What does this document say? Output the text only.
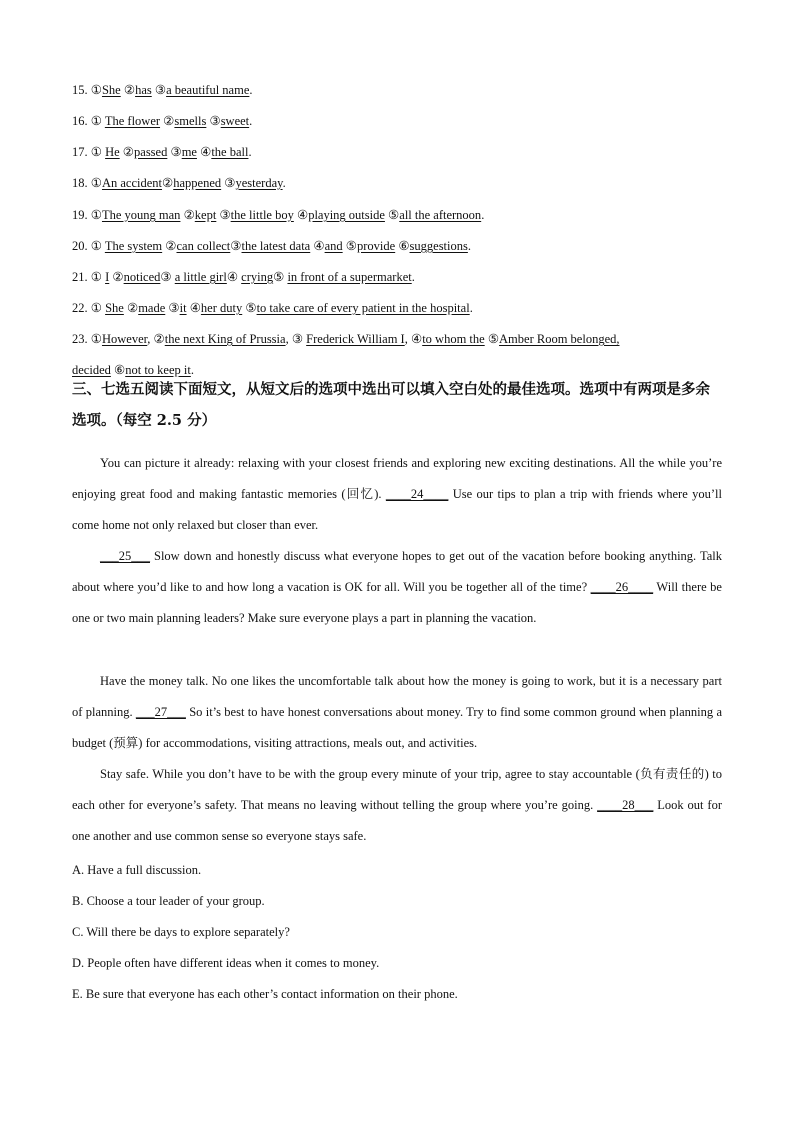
15. ①She ②has ③a beautiful name.
16. ① The flower ②smells ③sweet.
17. ① He ②passed ③me ④the ball.
18. ①An accident②happened ③yesterday.
19. ①The young man ②kept ③the little boy ④playing outside ⑤all the afternoon.
20. ① The system ②can collect③the latest data ④and ⑤provide ⑥suggestions.
21. ① I ②noticed③ a little girl④ crying⑤ in front of a supermarket.
22. ① She ②made ③it ④her duty ⑤to take care of every patient in the hospital.
23. ①However, ②the next King of Prussia, ③ Frederick William I, ④to whom the ⑤Amber Room belonged,
decided ⑥not to keep it.
三、七选五阅读下面短文，从短文后的选项中选出可以填入空白处的最佳选项。选项中有两项是多余选项。（每空 2.5 分）
You can picture it already: relaxing with your closest friends and exploring new exciting destinations. All the while you’re enjoying great food and making fantastic memories (回忆). ____24____ Use our tips to plan a trip with friends where you’ll come home not only relaxed but closer than ever.
___25___ Slow down and honestly discuss what everyone hopes to get out of the vacation before booking anything. Talk about where you’d like to and how long a vacation is OK for all. Will you be together all of the time? ____26____ Will there be one or two main planning leaders? Make sure everyone plays a part in planning the vacation.
Have the money talk. No one likes the uncomfortable talk about how the money is going to work, but it is a necessary part of planning. ___27___ So it’s best to have honest conversations about money. Try to find some common ground when planning a budget (预算) for accommodations, visiting attractions, meals out, and activities.
Stay safe. While you don’t have to be with the group every minute of your trip, agree to stay accountable (负有责任的) to each other for everyone’s safety. That means no leaving without telling the group where you’re going. ____28___ Look out for one another and use common sense so everyone stays safe.
A. Have a full discussion.
B. Choose a tour leader of your group.
C. Will there be days to explore separately?
D. People often have different ideas when it comes to money.
E. Be sure that everyone has each other’s contact information on their phone.
